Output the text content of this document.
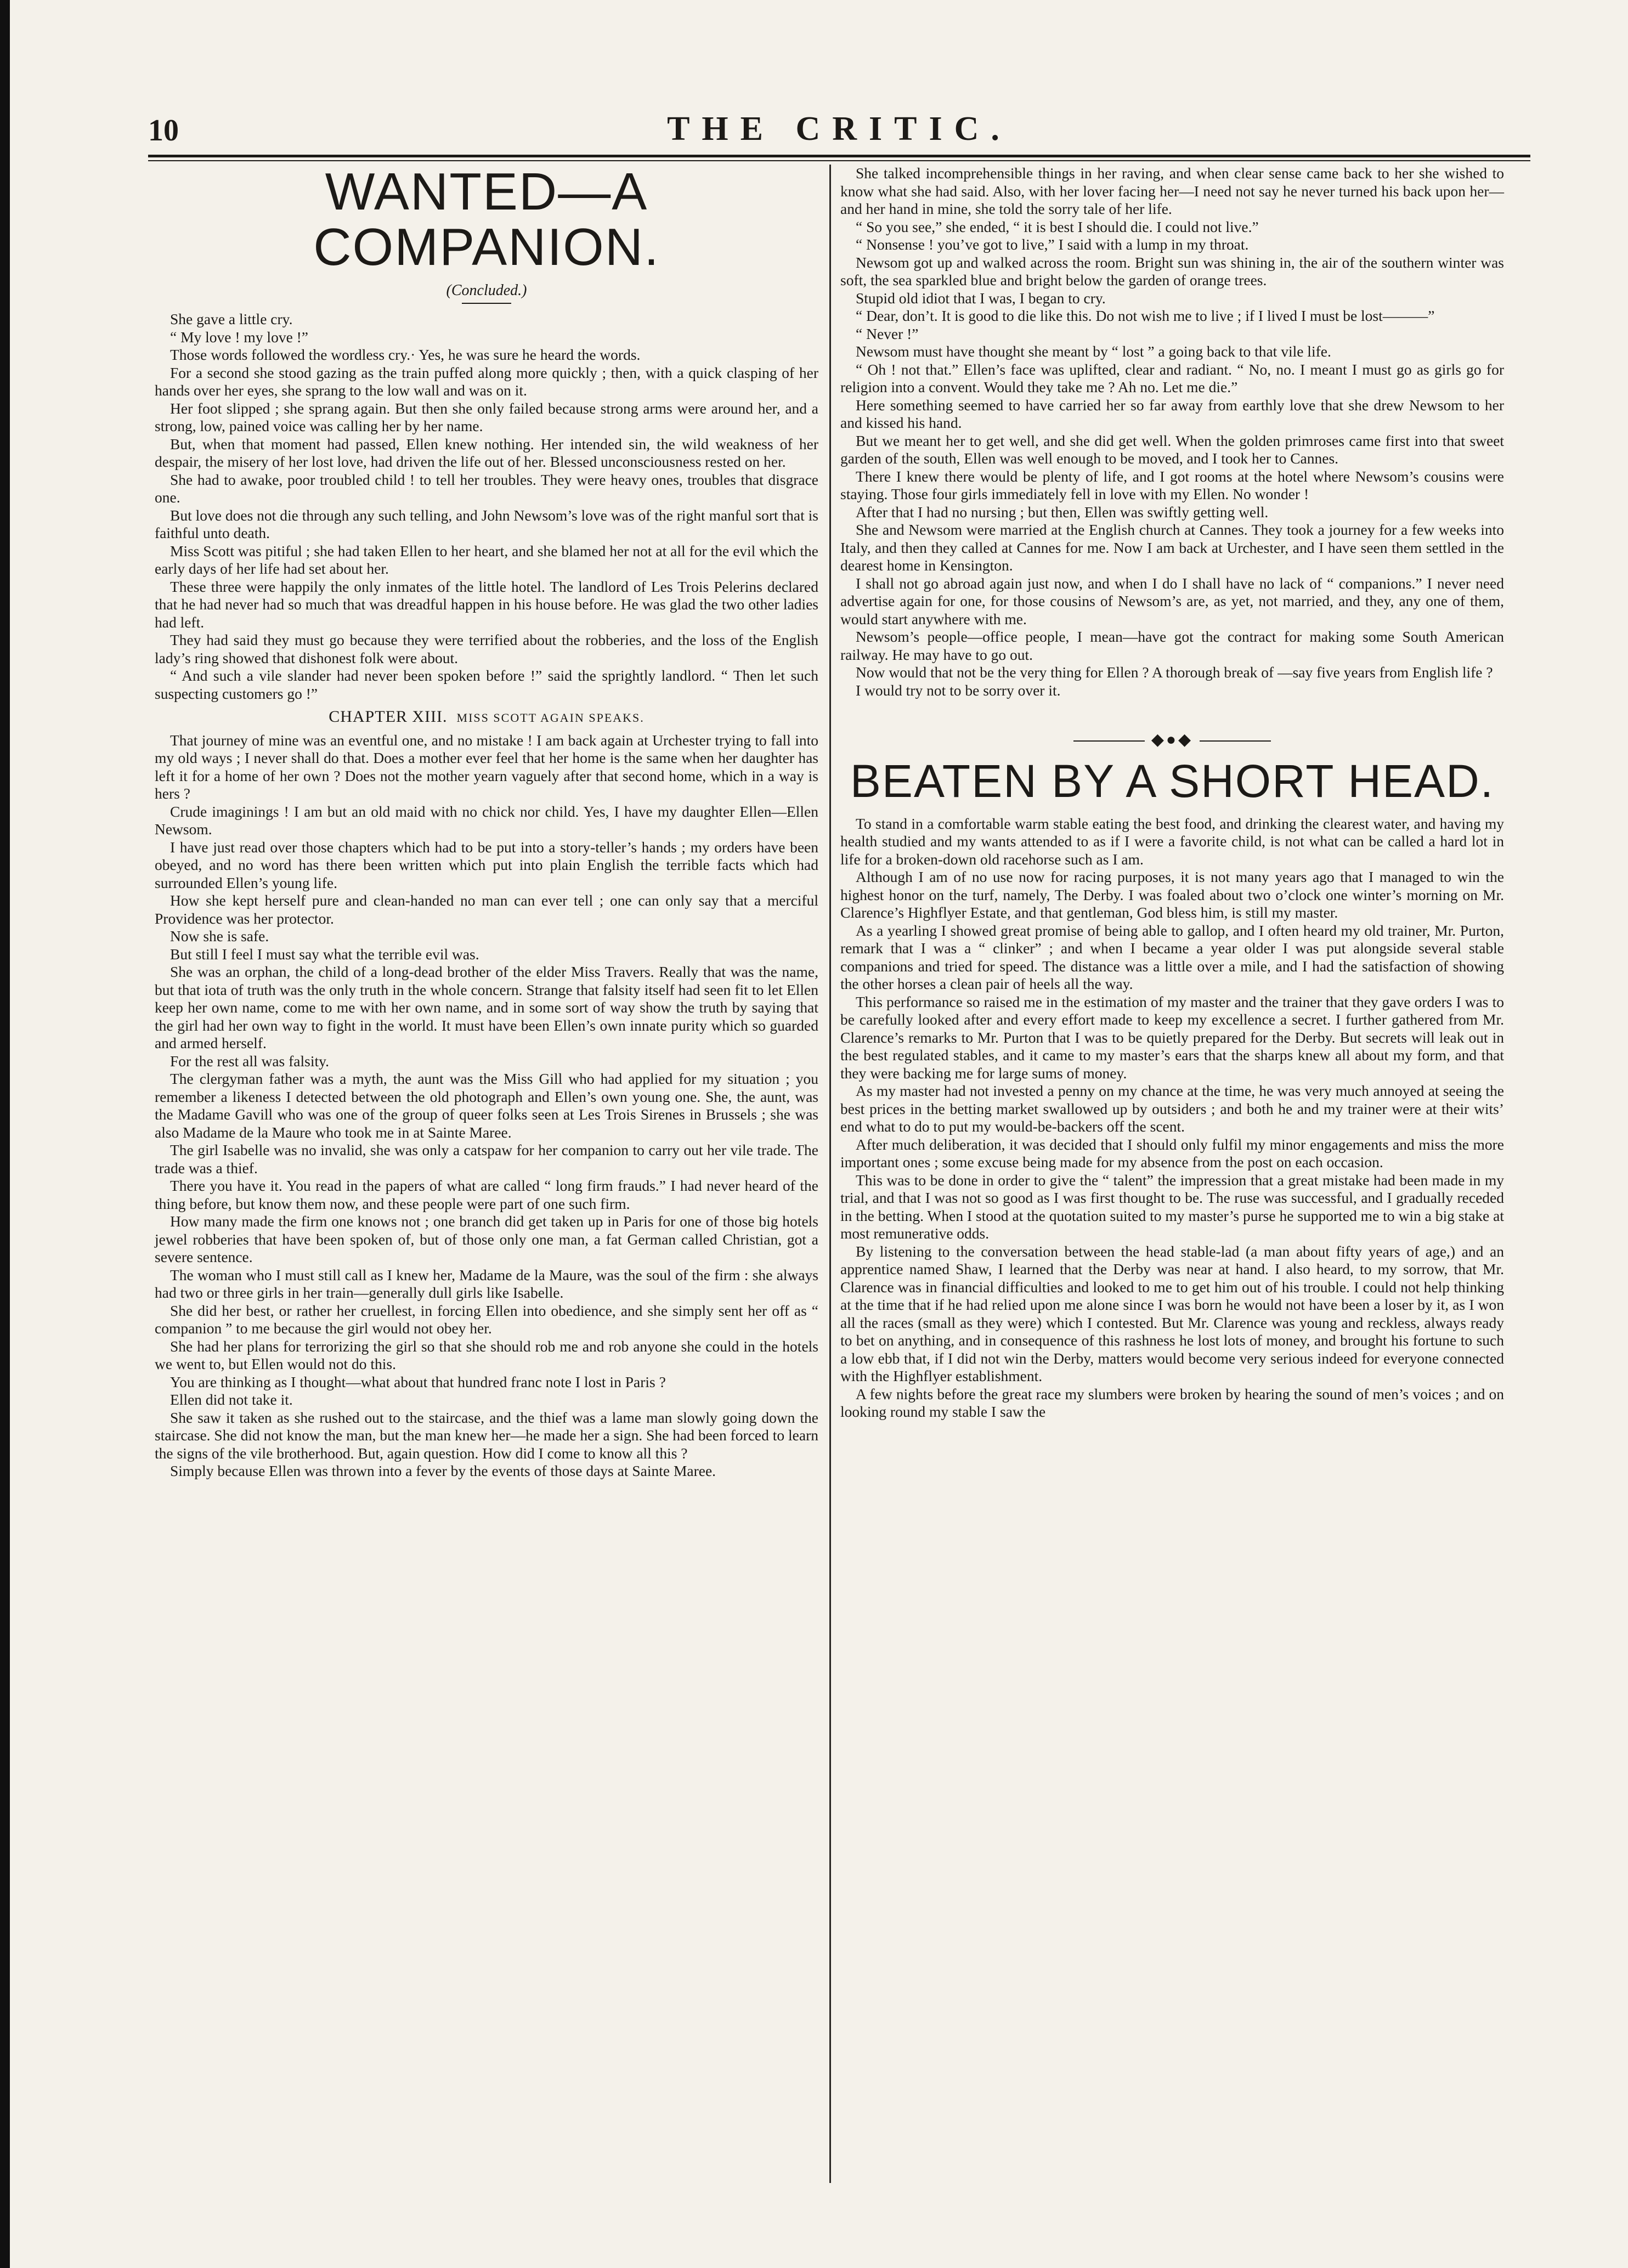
10	THE CRITIC.
WANTED—A COMPANION.
(Concluded.)

She gave a little cry.

“ My love ! my love !”

Those words followed the wordless cry.· Yes, he was sure he heard the words.

For a second she stood gazing as the train puffed along more quickly ; then, with a quick clasping of her hands over her eyes, she sprang to the low wall and was on it.

Her foot slipped ; she sprang again. But then she only failed because strong arms were around her, and a strong, low, pained voice was calling her by her name.

But, when that moment had passed, Ellen knew nothing. Her intended sin, the wild weakness of her despair, the misery of her lost love, had driven the life out of her. Blessed unconsciousness rested on her.

She had to awake, poor troubled child ! to tell her troubles. They were heavy ones, troubles that disgrace one.

But love does not die through any such telling, and John Newsom’s love was of the right manful sort that is faithful unto death.

Miss Scott was pitiful ; she had taken Ellen to her heart, and she blamed her not at all for the evil which the early days of her life had set about her.

These three were happily the only inmates of the little hotel. The landlord of Les Trois Pelerins declared that he had never had so much that was dreadful happen in his house before. He was glad the two other ladies had left.

They had said they must go because they were terrified about the robberies, and the loss of the English lady’s ring showed that dishonest folk were about.

“ And such a vile slander had never been spoken before !” said the sprightly landlord. “ Then let such suspecting customers go !”

CHAPTER XIII. MISS SCOTT AGAIN SPEAKS.

That journey of mine was an eventful one, and no mistake ! I am back again at Urchester trying to fall into my old ways ; I never shall do that. Does a mother ever feel that her home is the same when her daughter has left it for a home of her own ? Does not the mother yearn vaguely after that second home, which in a way is hers ?

Crude imaginings ! I am but an old maid with no chick nor child. Yes, I have my daughter Ellen—Ellen Newsom.

I have just read over those chapters which had to be put into a story-teller’s hands ; my orders have been obeyed, and no word has there been written which put into plain English the terrible facts which had surrounded Ellen’s young life.

How she kept herself pure and clean-handed no man can ever tell ; one can only say that a merciful Providence was her protector.

Now she is safe.

But still I feel I must say what the terrible evil was.

She was an orphan, the child of a long-dead brother of the elder Miss Travers. Really that was the name, but that iota of truth was the only truth in the whole concern. Strange that falsity itself had seen fit to let Ellen keep her own name, come to me with her own name, and in some sort of way show the truth by saying that the girl had her own way to fight in the world. It must have been Ellen’s own innate purity which so guarded and armed herself.

For the rest all was falsity.

The clergyman father was a myth, the aunt was the Miss Gill who had applied for my situation ; you remember a likeness I detected between the old photograph and Ellen’s own young one. She, the aunt, was the Madame Gavill who was one of the group of queer folks seen at Les Trois Sirenes in Brussels ; she was also Madame de la Maure who took me in at Sainte Maree.

The girl Isabelle was no invalid, she was only a catspaw for her companion to carry out her vile trade. The trade was a thief.

There you have it. You read in the papers of what are called “ long firm frauds.” I had never heard of the thing before, but know them now, and these people were part of one such firm.

How many made the firm one knows not ; one branch did get taken up in Paris for one of those big hotels jewel robberies that have been spoken of, but of those only one man, a fat German called Christian, got a severe sentence.

The woman who I must still call as I knew her, Madame de la Maure, was the soul of the firm : she always had two or three girls in her train—generally dull girls like Isabelle.

She did her best, or rather her cruellest, in forcing Ellen into obedience, and she simply sent her off as “ companion ” to me because the girl would not obey her.

She had her plans for terrorizing the girl so that she should rob me and rob anyone she could in the hotels we went to, but Ellen would not do this.

You are thinking as I thought—what about that hundred franc note I lost in Paris ?

Ellen did not take it.

She saw it taken as she rushed out to the staircase, and the thief was a lame man slowly going down the staircase. She did not know the man, but the man knew her—he made her a sign. She had been forced to learn the signs of the vile brotherhood. But, again question. How did I come to know all this ?

Simply because Ellen was thrown into a fever by the events of those days at Sainte Maree.

She talked incomprehensible things in her raving, and when clear sense came back to her she wished to know what she had said. Also, with her lover facing her—I need not say he never turned his back upon her—and her hand in mine, she told the sorry tale of her life.

“ So you see,” she ended, “ it is best I should die. I could not live.”

“ Nonsense ! you’ve got to live,” I said with a lump in my throat.

Newsom got up and walked across the room. Bright sun was shining in, the air of the southern winter was soft, the sea sparkled blue and bright below the garden of orange trees.

Stupid old idiot that I was, I began to cry.

“ Dear, don’t. It is good to die like this. Do not wish me to live ; if I lived I must be lost———”

“ Never !”

Newsom must have thought she meant by “ lost ” a going back to that vile life.

“ Oh ! not that.” Ellen’s face was uplifted, clear and radiant. “ No, no. I meant I must go as girls go for religion into a convent. Would they take me ? Ah no. Let me die.”

Here something seemed to have carried her so far away from earthly love that she drew Newsom to her and kissed his hand.

But we meant her to get well, and she did get well. When the golden primroses came first into that sweet garden of the south, Ellen was well enough to be moved, and I took her to Cannes.

There I knew there would be plenty of life, and I got rooms at the hotel where Newsom’s cousins were staying. Those four girls immediately fell in love with my Ellen. No wonder !

After that I had no nursing ; but then, Ellen was swiftly getting well.

She and Newsom were married at the English church at Cannes. They took a journey for a few weeks into Italy, and then they called at Cannes for me. Now I am back at Urchester, and I have seen them settled in the dearest home in Kensington.

I shall not go abroad again just now, and when I do I shall have no lack of “ companions.” I never need advertise again for one, for those cousins of Newsom’s are, as yet, not married, and they, any one of them, would start anywhere with me.

Newsom’s people—office people, I mean—have got the contract for making some South American railway. He may have to go out.

Now would that not be the very thing for Ellen ? A thorough break of —say five years from English life ?

I would try not to be sorry over it.

◆●◆
BEATEN BY A SHORT HEAD.

To stand in a comfortable warm stable eating the best food, and drinking the clearest water, and having my health studied and my wants attended to as if I were a favorite child, is not what can be called a hard lot in life for a broken-down old racehorse such as I am.

Although I am of no use now for racing purposes, it is not many years ago that I managed to win the highest honor on the turf, namely, The Derby. I was foaled about two o’clock one winter’s morning on Mr. Clarence’s Highflyer Estate, and that gentleman, God bless him, is still my master.

As a yearling I showed great promise of being able to gallop, and I often heard my old trainer, Mr. Purton, remark that I was a “ clinker” ; and when I became a year older I was put alongside several stable companions and tried for speed. The distance was a little over a mile, and I had the satisfaction of showing the other horses a clean pair of heels all the way.

This performance so raised me in the estimation of my master and the trainer that they gave orders I was to be carefully looked after and every effort made to keep my excellence a secret. I further gathered from Mr. Clarence’s remarks to Mr. Purton that I was to be quietly prepared for the Derby. But secrets will leak out in the best regulated stables, and it came to my master’s ears that the sharps knew all about my form, and that they were backing me for large sums of money.

As my master had not invested a penny on my chance at the time, he was very much annoyed at seeing the best prices in the betting market swallowed up by outsiders ; and both he and my trainer were at their wits’ end what to do to put my would-be-backers off the scent.

After much deliberation, it was decided that I should only fulfil my minor engagements and miss the more important ones ; some excuse being made for my absence from the post on each occasion.

This was to be done in order to give the “ talent” the impression that a great mistake had been made in my trial, and that I was not so good as I was first thought to be. The ruse was successful, and I gradually receded in the betting. When I stood at the quotation suited to my master’s purse he supported me to win a big stake at most remunerative odds.

By listening to the conversation between the head stable-lad (a man about fifty years of age,) and an apprentice named Shaw, I learned that the Derby was near at hand. I also heard, to my sorrow, that Mr. Clarence was in financial difficulties and looked to me to get him out of his trouble. I could not help thinking at the time that if he had relied upon me alone since I was born he would not have been a loser by it, as I won all the races (small as they were) which I contested. But Mr. Clarence was young and reckless, always ready to bet on anything, and in consequence of this rashness he lost lots of money, and brought his fortune to such a low ebb that, if I did not win the Derby, matters would become very serious indeed for everyone connected with the Highflyer establishment.

A few nights before the great race my slumbers were broken by hearing the sound of men’s voices ; and on looking round my stable I saw the
